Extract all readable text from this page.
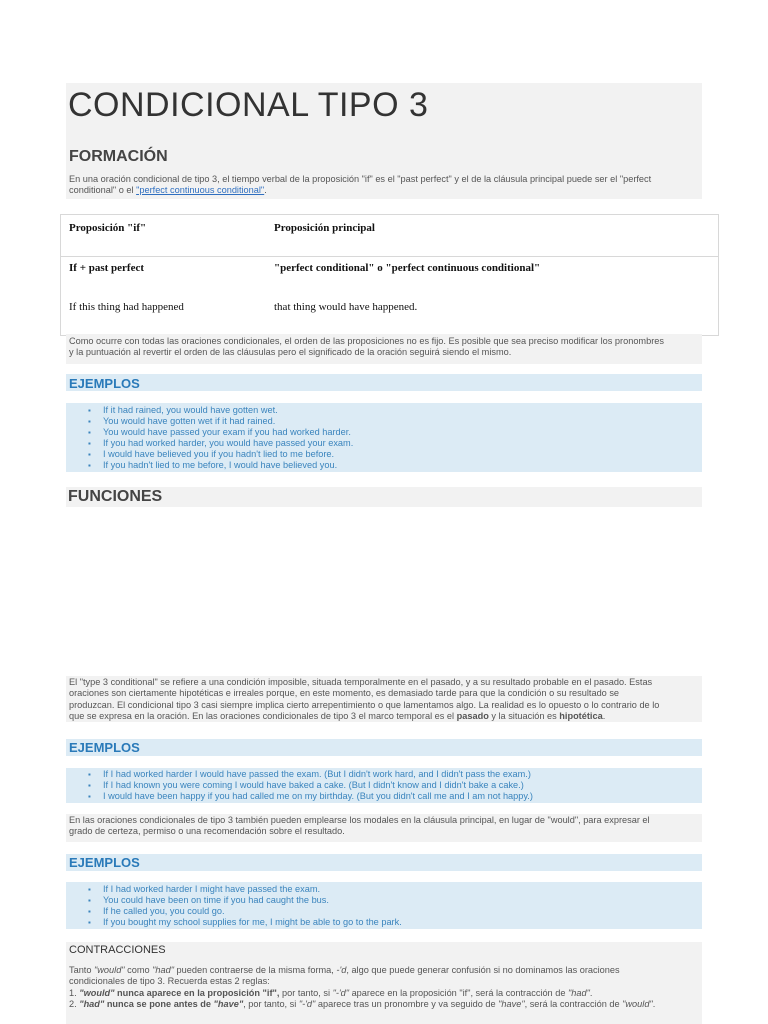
CONDICIONAL TIPO 3
FORMACIÓN

En una oración condicional de tipo 3, el tiempo verbal de la proposición "if" es el "past perfect" y el de la cláusula principal puede ser el "perfect conditional" o el "perfect continuous conditional".

Proposición "if"	Proposición principal
If + past perfect	"perfect conditional" o "perfect continuous conditional"
If this thing had happened	that thing would have happened.

Como ocurre con todas las oraciones condicionales, el orden de las proposiciones no es fijo. Es posible que sea preciso modificar los pronombres
y la puntuación al revertir el orden de las cláusulas pero el significado de la oración seguirá siendo el mismo.

EJEMPLOS
▪ If it had rained, you would have gotten wet.
▪ You would have gotten wet if it had rained.
▪ You would have passed your exam if you had worked harder.
▪ If you had worked harder, you would have passed your exam.
▪ I would have believed you if you hadn't lied to me before.
▪ If you hadn't lied to me before, I would have believed you.
FUNCIONES

El "type 3 conditional" se refiere a una condición imposible, situada temporalmente en el pasado, y a su resultado probable en el pasado. Estas
oraciones son ciertamente hipotéticas e irreales porque, en este momento, es demasiado tarde para que la condición o su resultado se
produzcan. El condicional tipo 3 casi siempre implica cierto arrepentimiento o que lamentamos algo. La realidad es lo opuesto o lo contrario de lo
que se expresa en la oración. En las oraciones condicionales de tipo 3 el marco temporal es el pasado y la situación es hipotética.

EJEMPLOS
▪ If I had worked harder I would have passed the exam. (But I didn't work hard, and I didn't pass the exam.)
▪ If I had known you were coming I would have baked a cake. (But I didn't know and I didn't bake a cake.)
▪ I would have been happy if you had called me on my birthday. (But you didn't call me and I am not happy.)

En las oraciones condicionales de tipo 3 también pueden emplearse los modales en la cláusula principal, en lugar de "would", para expresar el
grado de certeza, permiso o una recomendación sobre el resultado.

EJEMPLOS
▪ If I had worked harder I might have passed the exam.
▪ You could have been on time if you had caught the bus.
▪ If he called you, you could go.
▪ If you bought my school supplies for me, I might be able to go to the park.
CONTRACCIONES

Tanto "would" como "had" pueden contraerse de la misma forma, -'d, algo que puede generar confusión si no dominamos las oraciones
condicionales de tipo 3. Recuerda estas 2 reglas:
1. "would" nunca aparece en la proposición "if", por tanto, si "-'d" aparece en la proposición "if", será la contracción de "had".
2. "had" nunca se pone antes de "have", por tanto, si "-'d" aparece tras un pronombre y va seguido de "have", será la contracción de "would".
